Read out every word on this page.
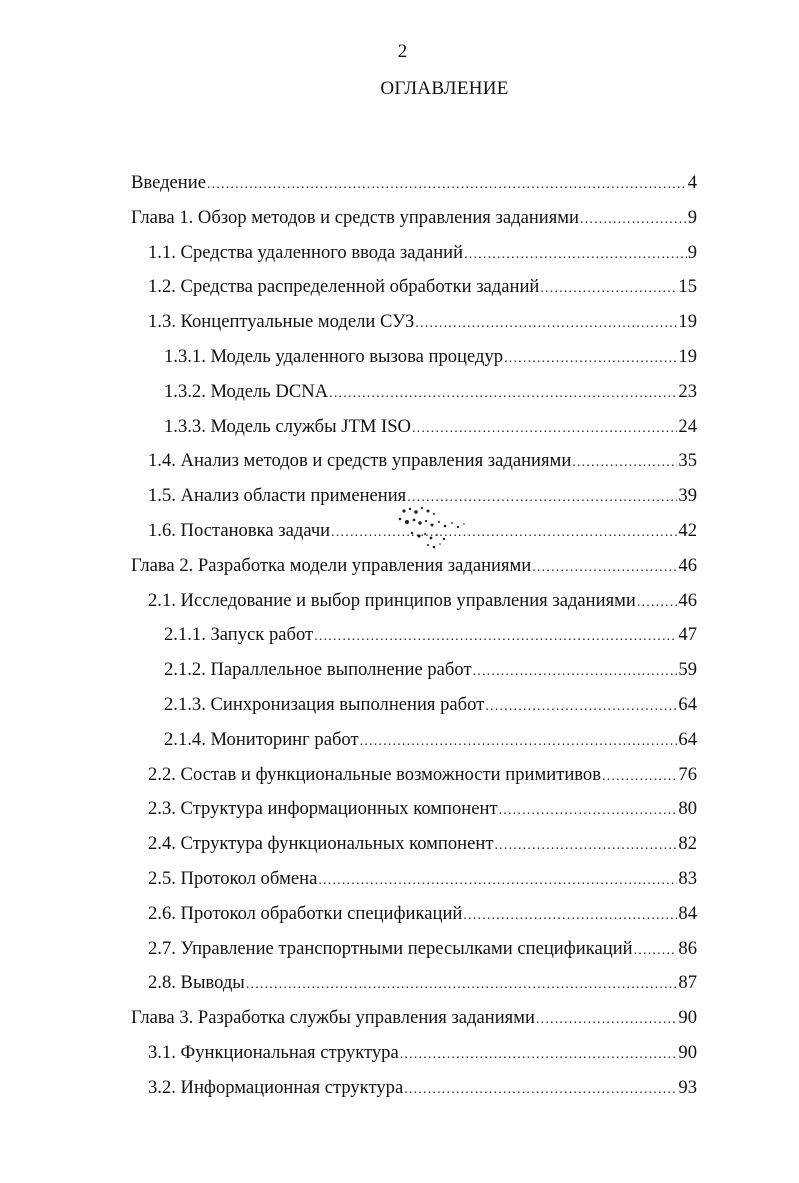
2
ОГЛАВЛЕНИЕ
Введение .....	4
Глава 1. Обзор методов и средств управления заданиями .....	9
1.1. Средства удаленного ввода заданий .....	9
1.2. Средства распределенной обработки заданий .....	15
1.3. Концептуальные модели СУЗ .....	19
1.3.1. Модель удаленного вызова процедур .....	19
1.3.2. Модель DCNA .....	23
1.3.3. Модель службы JTM ISO .....	24
1.4. Анализ методов и средств управления заданиями .....	35
1.5. Анализ области применения .....	39
1.6. Постановка задачи .....	42
Глава 2. Разработка модели управления заданиями .....	46
2.1. Исследование и выбор принципов управления заданиями ..... 46
2.1.1. Запуск работ .....	47
2.1.2. Параллельное выполнение работ .....	59
2.1.3. Синхронизация выполнения работ .....	64
2.1.4. Мониторинг работ .....	64
2.2. Состав и функциональные возможности примитивов .....	76
2.3. Структура информационных компонент .....	80
2.4. Структура функциональных компонент .....	82
2.5. Протокол обмена .....	83
2.6. Протокол обработки спецификаций .....	84
2.7. Управление транспортными пересылками спецификаций ..... 86
2.8. Выводы .....	87
Глава 3. Разработка службы управления заданиями .....	90
3.1. Функциональная структура .....	90
3.2. Информационная структура .....	93
